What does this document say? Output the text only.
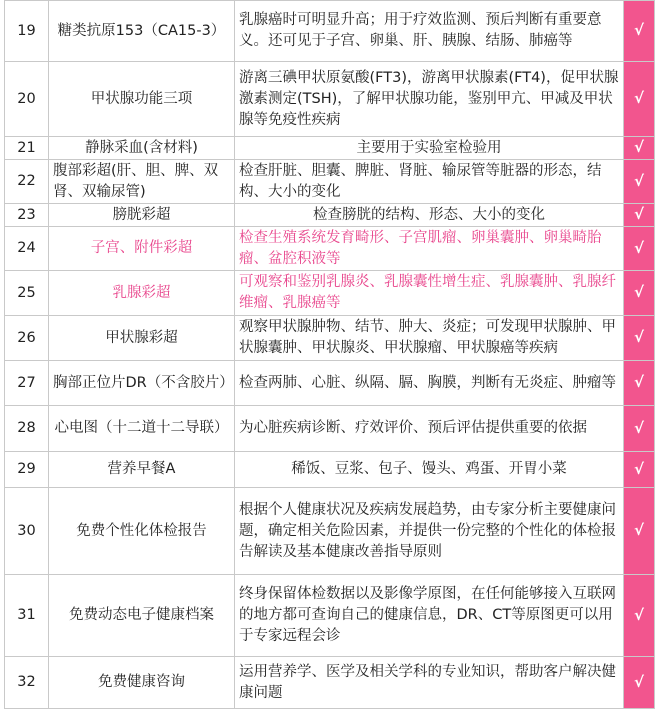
19	糖类抗原153（CA15-3）	乳腺癌时可明显升高；用于疗效监测、预后判断有重要意义。还可见于子宫、卵巢、肝、胰腺、结肠、肺癌等	√
20	甲状腺功能三项	游离三碘甲状原氨酸(FT3)，游离甲状腺素(FT4)，促甲状腺激素测定(TSH)，了解甲状腺功能，鉴别甲亢、甲减及甲状腺等免疫性疾病	√
21	静脉采血(含材料)	主要用于实验室检验用	√
22	腹部彩超(肝、胆、脾、双肾、双输尿管)	检查肝脏、胆囊、脾脏、肾脏、输尿管等脏器的形态，结构、大小的变化	√
23	膀胱彩超	检查膀胱的结构、形态、大小的变化	√
24	子宫、附件彩超	检查生殖系统发育畸形、子宫肌瘤、卵巢囊肿、卵巢畸胎瘤、盆腔积液等	√
25	乳腺彩超	可观察和鉴别乳腺炎、乳腺囊性增生症、乳腺囊肿、乳腺纤维瘤、乳腺癌等	√
26	甲状腺彩超	观察甲状腺肿物、结节、肿大、炎症；可发现甲状腺肿、甲状腺囊肿、甲状腺炎、甲状腺瘤、甲状腺癌等疾病	√
27	胸部正位片DR（不含胶片）	检查两肺、心脏、纵隔、膈、胸膜，判断有无炎症、肿瘤等	√
28	心电图（十二道十二导联）	为心脏疾病诊断、疗效评价、预后评估提供重要的依据	√
29	营养早餐A	稀饭、豆浆、包子、馒头、鸡蛋、开胃小菜	√
30	免费个性化体检报告	根据个人健康状况及疾病发展趋势，由专家分析主要健康问题，确定相关危险因素，并提供一份完整的个性化的体检报告解读及基本健康改善指导原则	√
31	免费动态电子健康档案	终身保留体检数据以及影像学原图，在任何能够接入互联网的地方都可查询自己的健康信息，DR、CT等原图更可以用于专家远程会诊	√
32	免费健康咨询	运用营养学、医学及相关学科的专业知识，帮助客户解决健康问题	√
